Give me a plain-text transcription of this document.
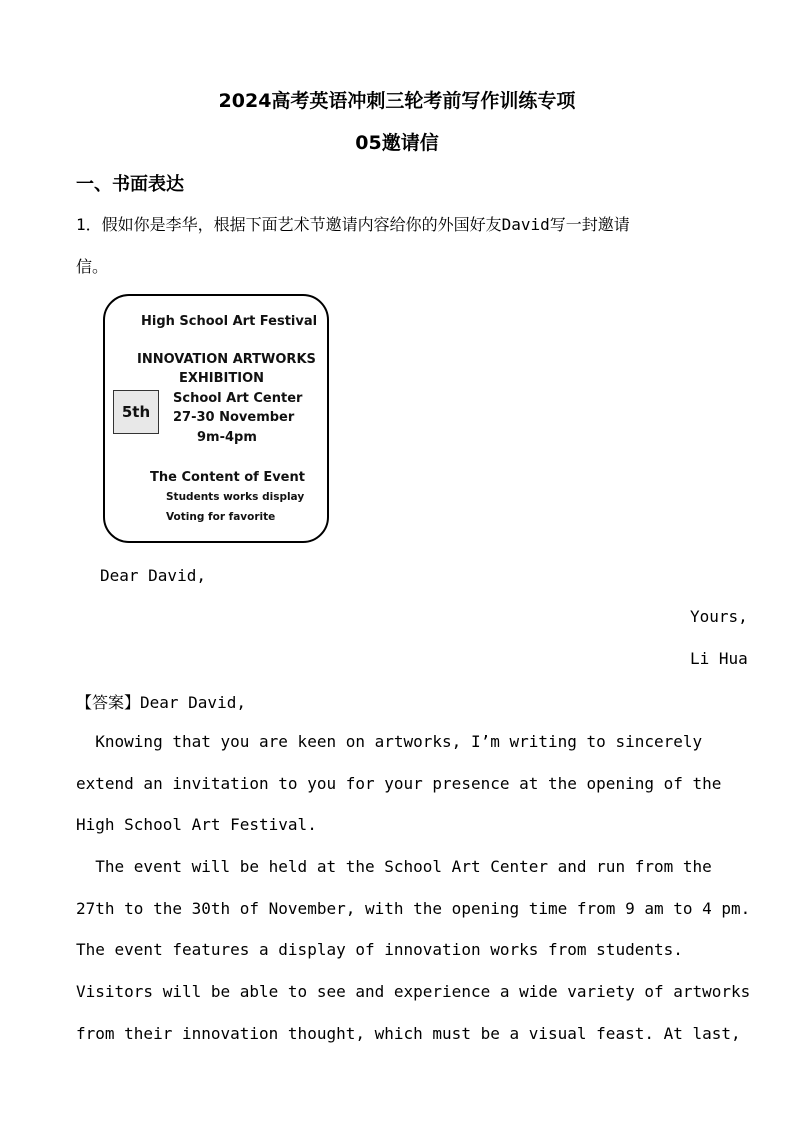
2024高考英语冲刺三轮考前写作训练专项
05邀请信
一、书面表达
1．假如你是李华，根据下面艺术节邀请内容给你的外国好友David写一封邀请
信。
High School Art Festival
INNOVATION ARTWORKS
EXHIBITION
5th
School Art Center
27-30 November
9m-4pm
The Content of Event
Students works display
Voting for favorite
Dear David,
Yours,
Li Hua
【答案】Dear David,
Knowing that you are keen on artworks, I’m writing to sincerely
extend an invitation to you for your presence at the opening of the
High School Art Festival.
The event will be held at the School Art Center and run from the
27th to the 30th of November, with the opening time from 9 am to 4 pm.
The event features a display of innovation works from students.
Visitors will be able to see and experience a wide variety of artworks
from their innovation thought, which must be a visual feast. At last,
